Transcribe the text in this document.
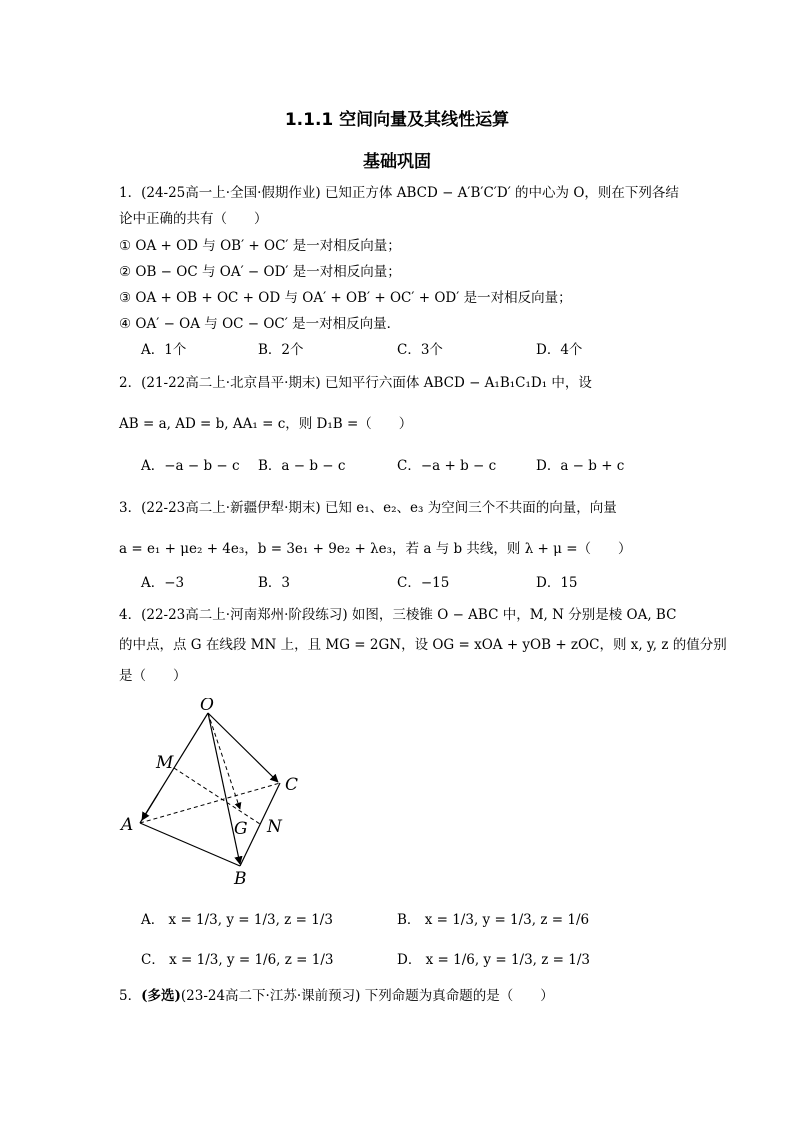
1.1.1 空间向量及其线性运算
基础巩固
1．(24-25高一上·全国·假期作业) 已知正方体 ABCD − A′B′C′D′ 的中心为 O，则在下列各结
论中正确的共有（　　）
① OA + OD 与 OB′ + OC′ 是一对相反向量；
② OB − OC 与 OA′ − OD′ 是一对相反向量；
③ OA + OB + OC + OD 与 OA′ + OB′ + OC′ + OD′ 是一对相反向量；
④ OA′ − OA 与 OC − OC′ 是一对相反向量．
A．1个	B．2个	C．3个	D．4个
2．(21-22高二上·北京昌平·期末) 已知平行六面体 ABCD − A₁B₁C₁D₁ 中，设
AB = a, AD = b, AA₁ = c，则 D₁B =（　　）
A．−a − b − c B．a − b − c	C．−a + b − c	D．a − b + c
3．(22-23高二上·新疆伊犁·期末) 已知 e₁、e₂、e₃ 为空间三个不共面的向量，向量
a = e₁ + μe₂ + 4e₃，b = 3e₁ + 9e₂ + λe₃，若 a 与 b 共线，则 λ + μ =（　　）
A．−3	B．3	C．−15	D．15
4．(22-23高二上·河南郑州·阶段练习) 如图，三棱锥 O − ABC 中，M, N 分别是棱 OA, BC
的中点，点 G 在线段 MN 上，且 MG = 2GN，设 OG = xOA + yOB + zOC，则 x, y, z 的值分别
是（　　）
O
M
C
A	G N
B
A． x = 1/3, y = 1/3, z = 1/3	B． x = 1/3, y = 1/3, z = 1/6
C． x = 1/3, y = 1/6, z = 1/3	D． x = 1/6, y = 1/3, z = 1/3
5．(多选)(23-24高二下·江苏·课前预习) 下列命题为真命题的是（　　）
